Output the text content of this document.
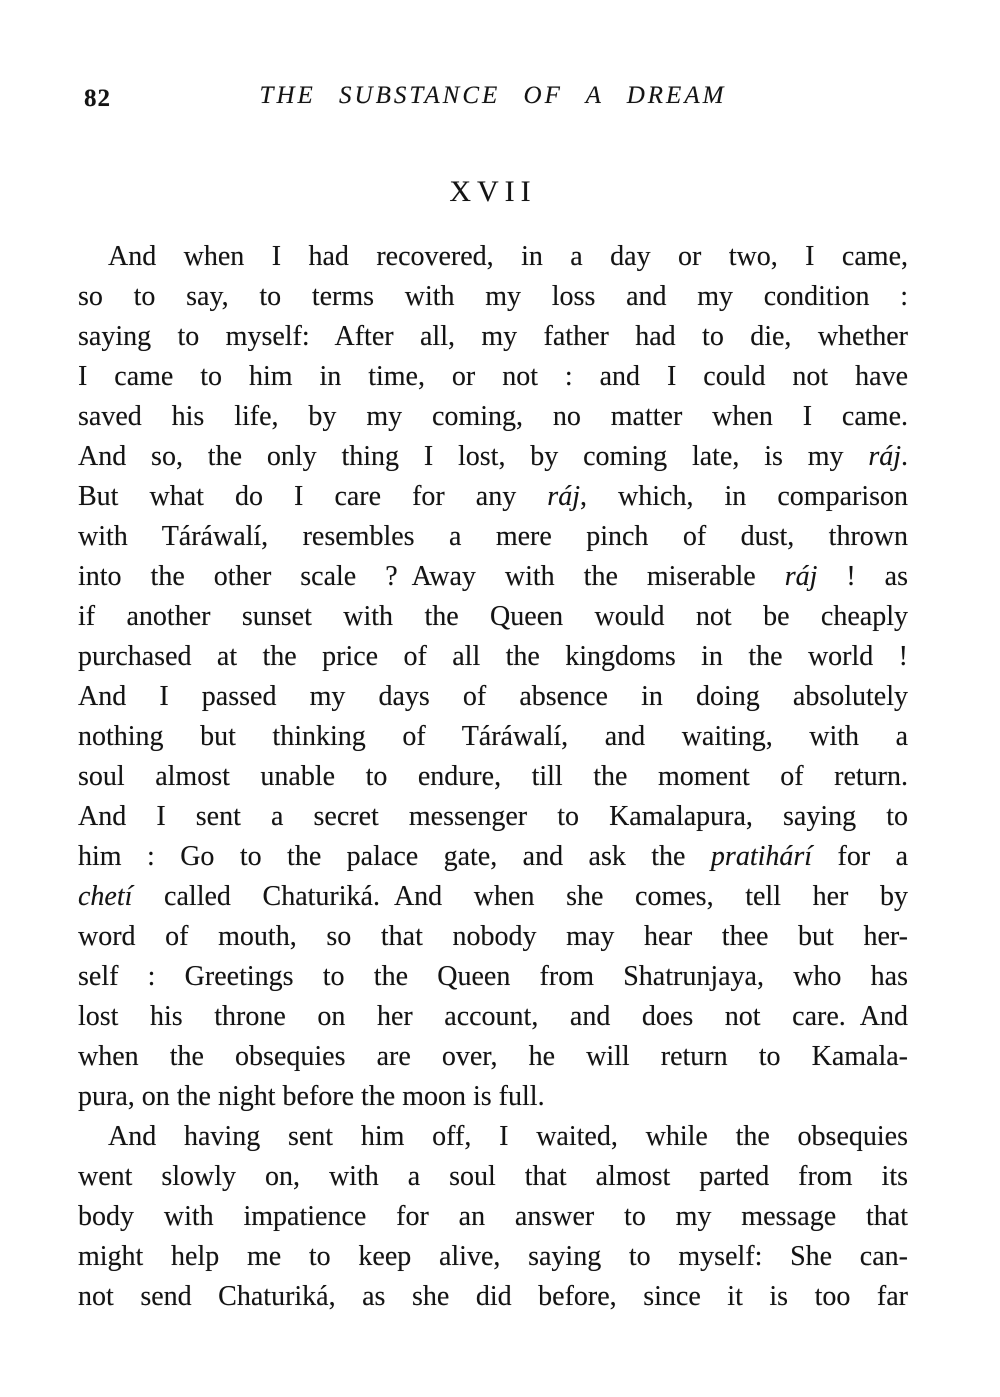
82	THE SUBSTANCE OF A DREAM
XVII
And when I had recovered, in a day or two, I came,
so to say, to terms with my loss and my condition :
saying to myself: After all, my father had to die, whether
I came to him in time, or not : and I could not have
saved his life, by my coming, no matter when I came.
And so, the only thing I lost, by coming late, is my ráj.
But what do I care for any ráj, which, in comparison
with Táráwalí, resembles a mere pinch of dust, thrown
into the other scale ? Away with the miserable ráj ! as
if another sunset with the Queen would not be cheaply
purchased at the price of all the kingdoms in the world !
And I passed my days of absence in doing absolutely
nothing but thinking of Táráwalí, and waiting, with a
soul almost unable to endure, till the moment of return.
And I sent a secret messenger to Kamalapura, saying to
him : Go to the palace gate, and ask the pratihárí for a
chetí called Chaturiká. And when she comes, tell her by
word of mouth, so that nobody may hear thee but her-
self : Greetings to the Queen from Shatrunjaya, who has
lost his throne on her account, and does not care. And
when the obsequies are over, he will return to Kamala-
pura, on the night before the moon is full.
And having sent him off, I waited, while the obsequies
went slowly on, with a soul that almost parted from its
body with impatience for an answer to my message that
might help me to keep alive, saying to myself: She can-
not send Chaturiká, as she did before, since it is too far
